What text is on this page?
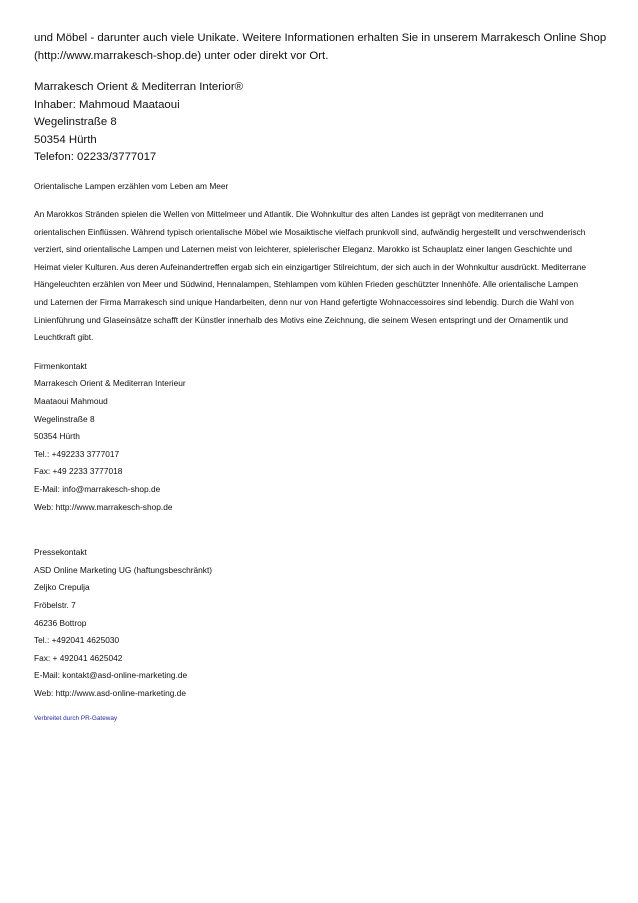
und Möbel - darunter auch viele Unikate. Weitere Informationen erhalten Sie in unserem Marrakesch Online Shop
(http://www.marrakesch-shop.de) unter oder direkt vor Ort.
Marrakesch Orient & Mediterran Interior®
Inhaber: Mahmoud Maataoui
Wegelinstraße 8
50354 Hürth
Telefon: 02233/3777017

Orientalische Lampen erzählen vom Leben am Meer

An Marokkos Stränden spielen die Wellen von Mittelmeer und Atlantik. Die Wohnkultur des alten Landes ist geprägt von mediterranen und
orientalischen Einflüssen. Während typisch orientalische Möbel wie Mosaiktische vielfach prunkvoll sind, aufwändig hergestellt und verschwenderisch
verziert, sind orientalische Lampen und Laternen meist von leichterer, spielerischer Eleganz. Marokko ist Schauplatz einer langen Geschichte und
Heimat vieler Kulturen. Aus deren Aufeinandertreffen ergab sich ein einzigartiger Stilreichtum, der sich auch in der Wohnkultur ausdrückt. Mediterrane
Hängeleuchten erzählen von Meer und Südwind, Hennalampen, Stehlampen vom kühlen Frieden geschützter Innenhöfe. Alle orientalische Lampen
und Laternen der Firma Marrakesch sind unique Handarbeiten, denn nur von Hand gefertigte Wohnaccessoires sind lebendig. Durch die Wahl von
Linienführung und Glaseinsätze schafft der Künstler innerhalb des Motivs eine Zeichnung, die seinem Wesen entspringt und der Ornamentik und
Leuchtkraft gibt.
Firmenkontakt
Marrakesch Orient & Mediterran Interieur
Maataoui Mahmoud
Wegelinstraße 8
50354 Hürth
Tel.: +492233 3777017
Fax: +49 2233 3777018
E-Mail: info@marrakesch-shop.de
Web: http://www.marrakesch-shop.de
Pressekontakt
ASD Online Marketing UG (haftungsbeschränkt)
Zeljko Crepulja
Fröbelstr. 7
46236 Bottrop
Tel.: +492041 4625030
Fax: + 492041 4625042
E-Mail: kontakt@asd-online-marketing.de
Web: http://www.asd-online-marketing.de

Verbreitet durch PR-Gateway
